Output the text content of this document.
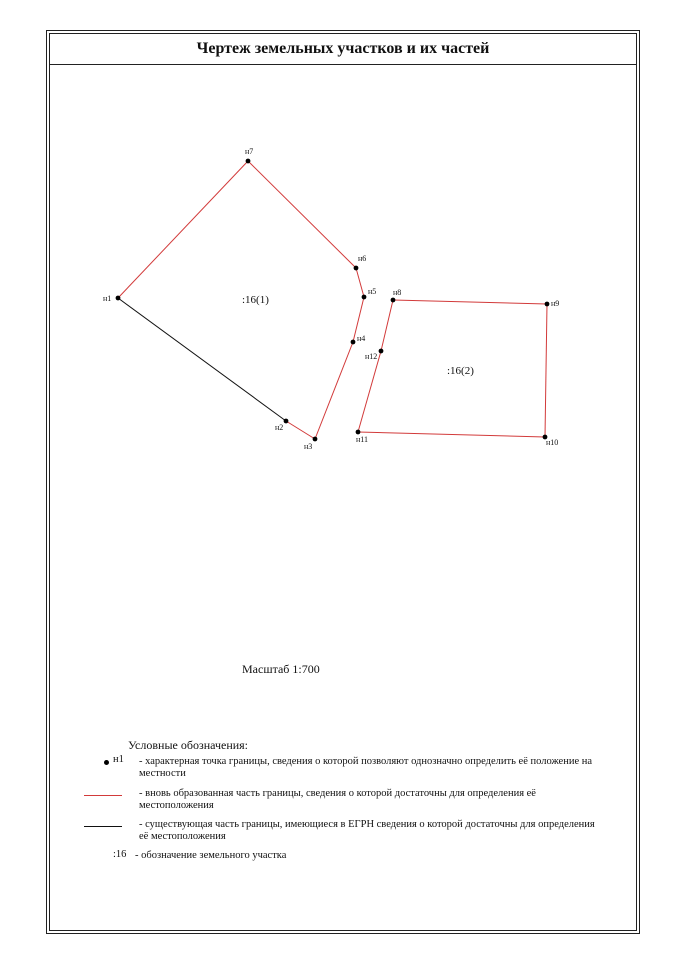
Чертеж земельных участков и их частей
н1
н2
н3
н4
н5
н6
н7
н8
н9
н10
н11
н12
:16(1)
:16(2)
Масштаб 1:700
Условные обозначения:
н1 - характерная точка границы, сведения о которой позволяют однозначно определить её положение на местности
- вновь образованная часть границы, сведения о которой достаточны для определения её местоположения
- существующая часть границы, имеющиеся в ЕГРН сведения о которой достаточны для определения её местоположения
:16 - обозначение земельного участка
